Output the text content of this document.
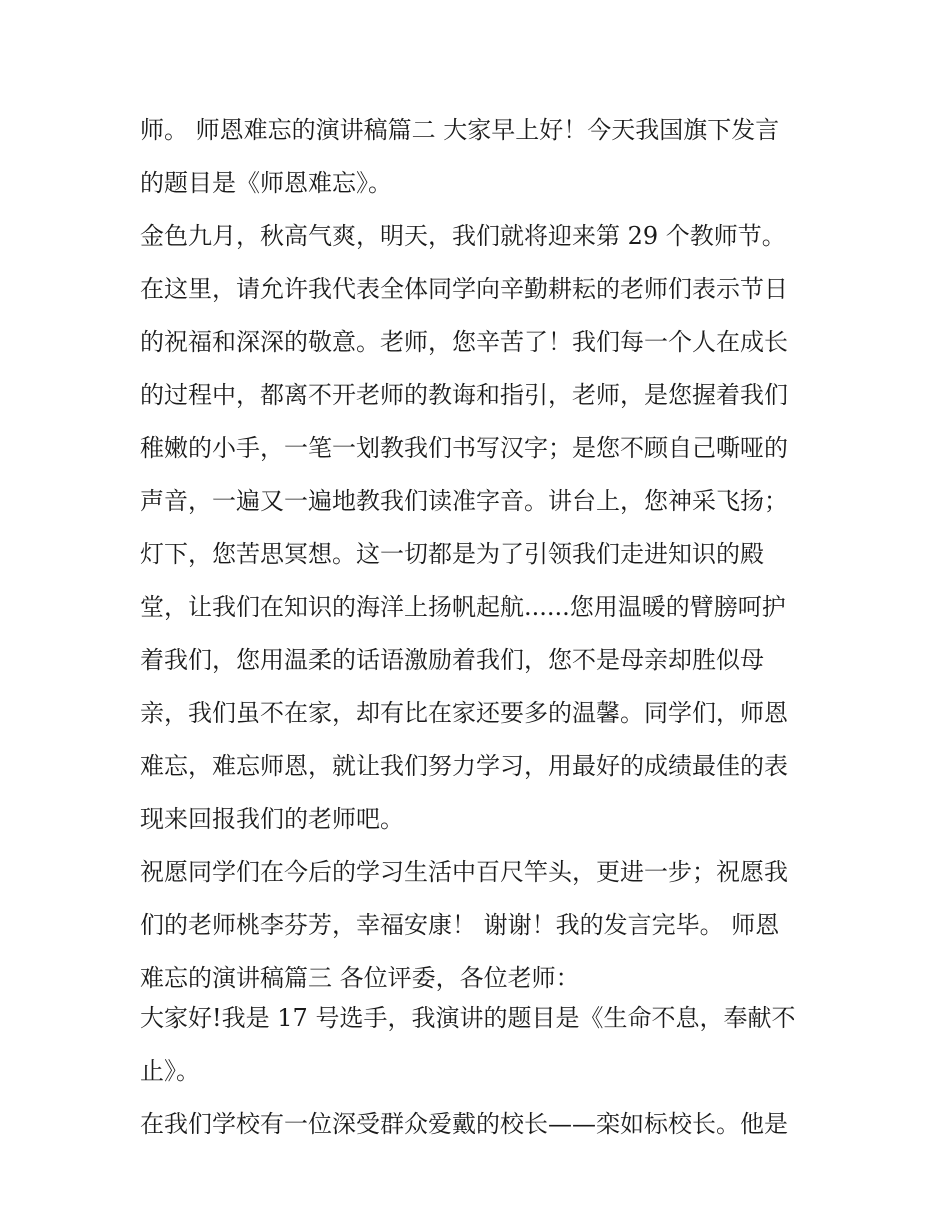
师。 师恩难忘的演讲稿篇二 大家早上好！今天我国旗下发言
的题目是《师恩难忘》。
金色九月，秋高气爽，明天，我们就将迎来第 29 个教师节。
在这里，请允许我代表全体同学向辛勤耕耘的老师们表示节日
的祝福和深深的敬意。老师，您辛苦了！我们每一个人在成长
的过程中，都离不开老师的教诲和指引，老师，是您握着我们
稚嫩的小手，一笔一划教我们书写汉字；是您不顾自己嘶哑的
声音，一遍又一遍地教我们读准字音。讲台上，您神采飞扬；
灯下，您苦思冥想。这一切都是为了引领我们走进知识的殿
堂，让我们在知识的海洋上扬帆起航......您用温暖的臂膀呵护
着我们，您用温柔的话语激励着我们，您不是母亲却胜似母
亲，我们虽不在家，却有比在家还要多的温馨。同学们，师恩
难忘，难忘师恩，就让我们努力学习，用最好的成绩最佳的表
现来回报我们的老师吧。
祝愿同学们在今后的学习生活中百尺竿头，更进一步；祝愿我
们的老师桃李芬芳，幸福安康！ 谢谢！我的发言完毕。 师恩
难忘的演讲稿篇三 各位评委，各位老师：
大家好!我是 17 号选手，我演讲的题目是《生命不息，奉献不
止》。
在我们学校有一位深受群众爱戴的校长——栾如标校长。他是
